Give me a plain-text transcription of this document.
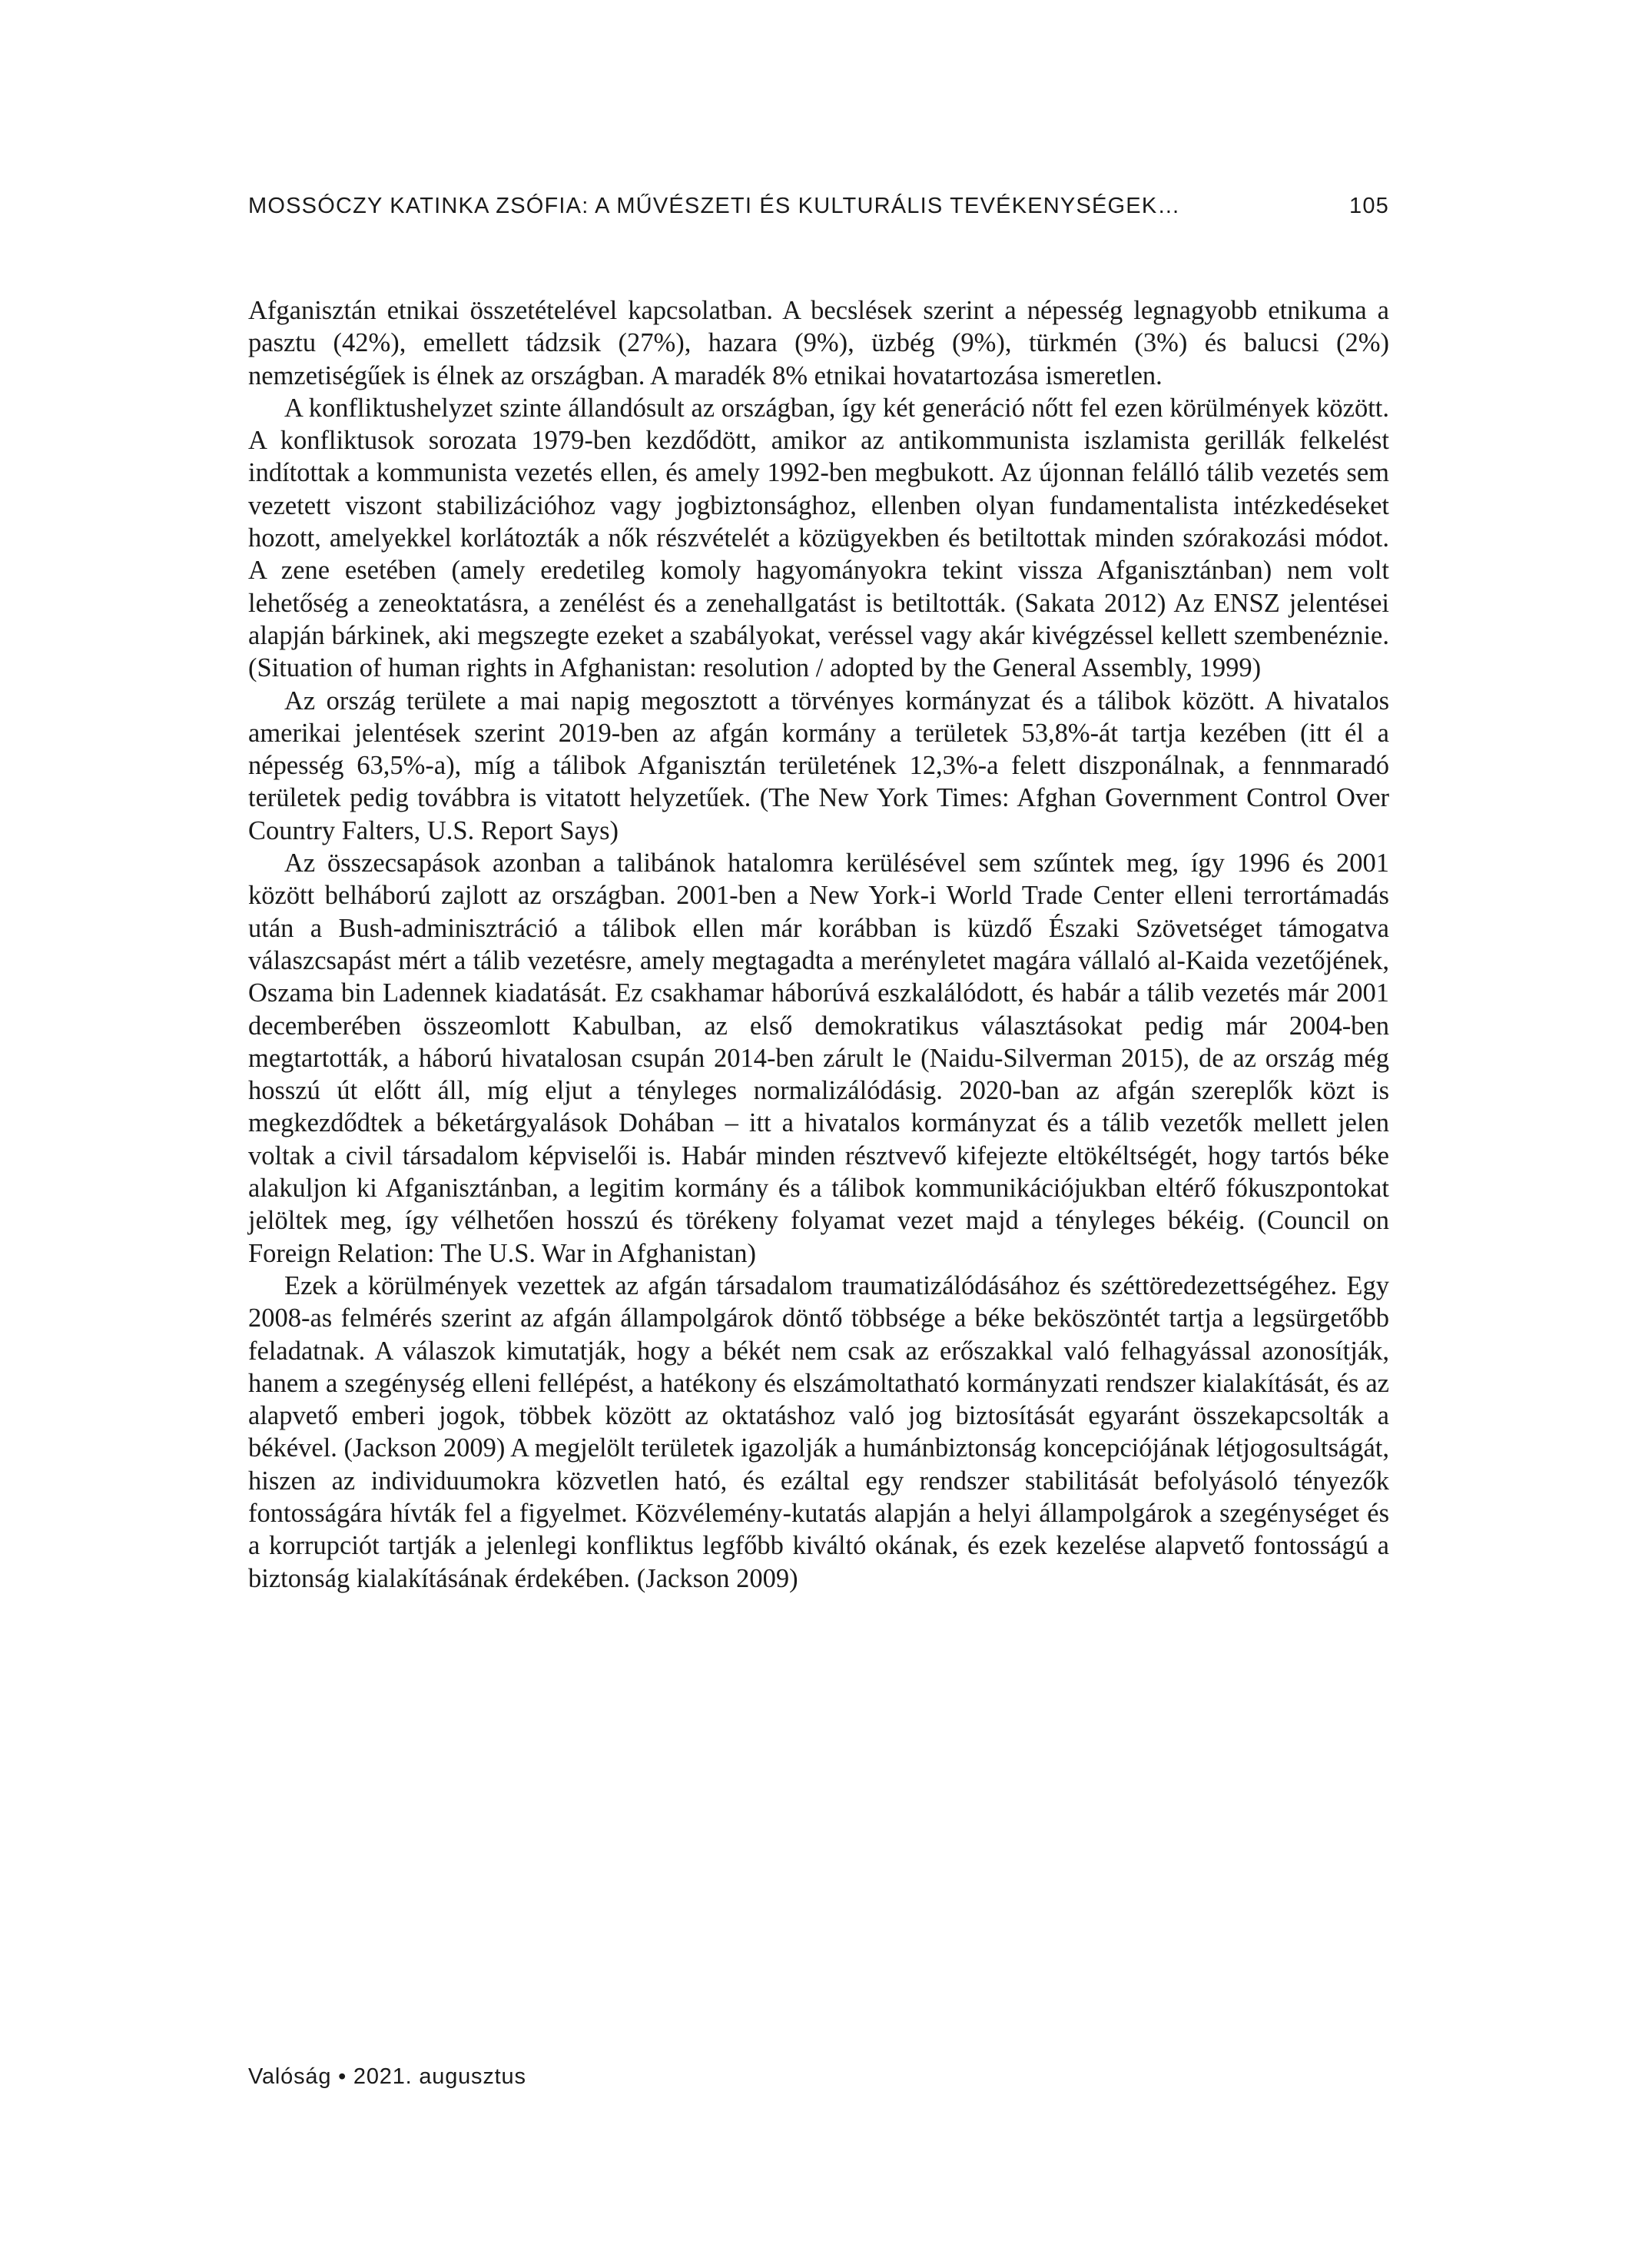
MOSSÓCZY KATINKA ZSÓFIA: A MŰVÉSZETI ÉS KULTURÁLIS TEVÉKENYSÉGEK…	105

Afganisztán etnikai összetételével kapcsolatban. A becslések szerint a népesség legnagyobb etnikuma a pasztu (42%), emellett tádzsik (27%), hazara (9%), üzbég (9%), türkmén (3%) és balucsi (2%) nemzetiségűek is élnek az országban. A maradék 8% etnikai hovatartozása ismeretlen.

A konfliktushelyzet szinte állandósult az országban, így két generáció nőtt fel ezen körülmények között. A konfliktusok sorozata 1979-ben kezdődött, amikor az antikommunista iszlamista gerillák felkelést indítottak a kommunista vezetés ellen, és amely 1992-ben megbukott. Az újonnan felálló tálib vezetés sem vezetett viszont stabilizációhoz vagy jogbiztonsághoz, ellenben olyan fundamentalista intézkedéseket hozott, amelyekkel korlátozták a nők részvételét a közügyekben és betiltottak minden szórakozási módot. A zene esetében (amely eredetileg komoly hagyományokra tekint vissza Afganisztánban) nem volt lehetőség a zeneoktatásra, a zenélést és a zenehallgatást is betiltották. (Sakata 2012) Az ENSZ jelentései alapján bárkinek, aki megszegte ezeket a szabályokat, veréssel vagy akár kivégzéssel kellett szembenéznie. (Situation of human rights in Afghanistan: resolution / adopted by the General Assembly, 1999)

Az ország területe a mai napig megosztott a törvényes kormányzat és a tálibok között. A hivatalos amerikai jelentések szerint 2019-ben az afgán kormány a területek 53,8%-át tartja kezében (itt él a népesség 63,5%-a), míg a tálibok Afganisztán területének 12,3%-a felett diszponálnak, a fennmaradó területek pedig továbbra is vitatott helyzetűek. (The New York Times: Afghan Government Control Over Country Falters, U.S. Report Says)

Az összecsapások azonban a talibánok hatalomra kerülésével sem szűntek meg, így 1996 és 2001 között belháború zajlott az országban. 2001-ben a New York-i World Trade Center elleni terrortámadás után a Bush-adminisztráció a tálibok ellen már korábban is küzdő Északi Szövetséget támogatva válaszcsapást mért a tálib vezetésre, amely megtagadta a merényletet magára vállaló al-Kaida vezetőjének, Oszama bin Ladennek kiadatását. Ez csakhamar háborúvá eszkalálódott, és habár a tálib vezetés már 2001 decemberében összeomlott Kabulban, az első demokratikus választásokat pedig már 2004-ben megtartották, a háború hivatalosan csupán 2014-ben zárult le (Naidu-Silverman 2015), de az ország még hosszú út előtt áll, míg eljut a tényleges normalizálódásig. 2020-ban az afgán szereplők közt is megkezdődtek a béketárgyalások Dohában – itt a hivatalos kormányzat és a tálib vezetők mellett jelen voltak a civil társadalom képviselői is. Habár minden résztvevő kifejezte eltökéltségét, hogy tartós béke alakuljon ki Afganisztánban, a legitim kormány és a tálibok kommunikációjukban eltérő fókuszpontokat jelöltek meg, így vélhetően hosszú és törékeny folyamat vezet majd a tényleges békéig. (Council on Foreign Relation: The U.S. War in Afghanistan)

Ezek a körülmények vezettek az afgán társadalom traumatizálódásához és széttöredezettségéhez. Egy 2008-as felmérés szerint az afgán állampolgárok döntő többsége a béke beköszöntét tartja a legsürgetőbb feladatnak. A válaszok kimutatják, hogy a békét nem csak az erőszakkal való felhagyással azonosítják, hanem a szegénység elleni fellépést, a hatékony és elszámoltatható kormányzati rendszer kialakítását, és az alapvető emberi jogok, többek között az oktatáshoz való jog biztosítását egyaránt összekapcsolták a békével. (Jackson 2009) A megjelölt területek igazolják a humánbiztonság koncepciójának létjogosultságát, hiszen az individuumokra közvetlen ható, és ezáltal egy rendszer stabilitását befolyásoló tényezők fontosságára hívták fel a figyelmet. Közvélemény-kutatás alapján a helyi állampolgárok a szegénységet és a korrupciót tartják a jelenlegi konfliktus legfőbb kiváltó okának, és ezek kezelése alapvető fontosságú a biztonság kialakításának érdekében. (Jackson 2009)

Valóság • 2021. augusztus
